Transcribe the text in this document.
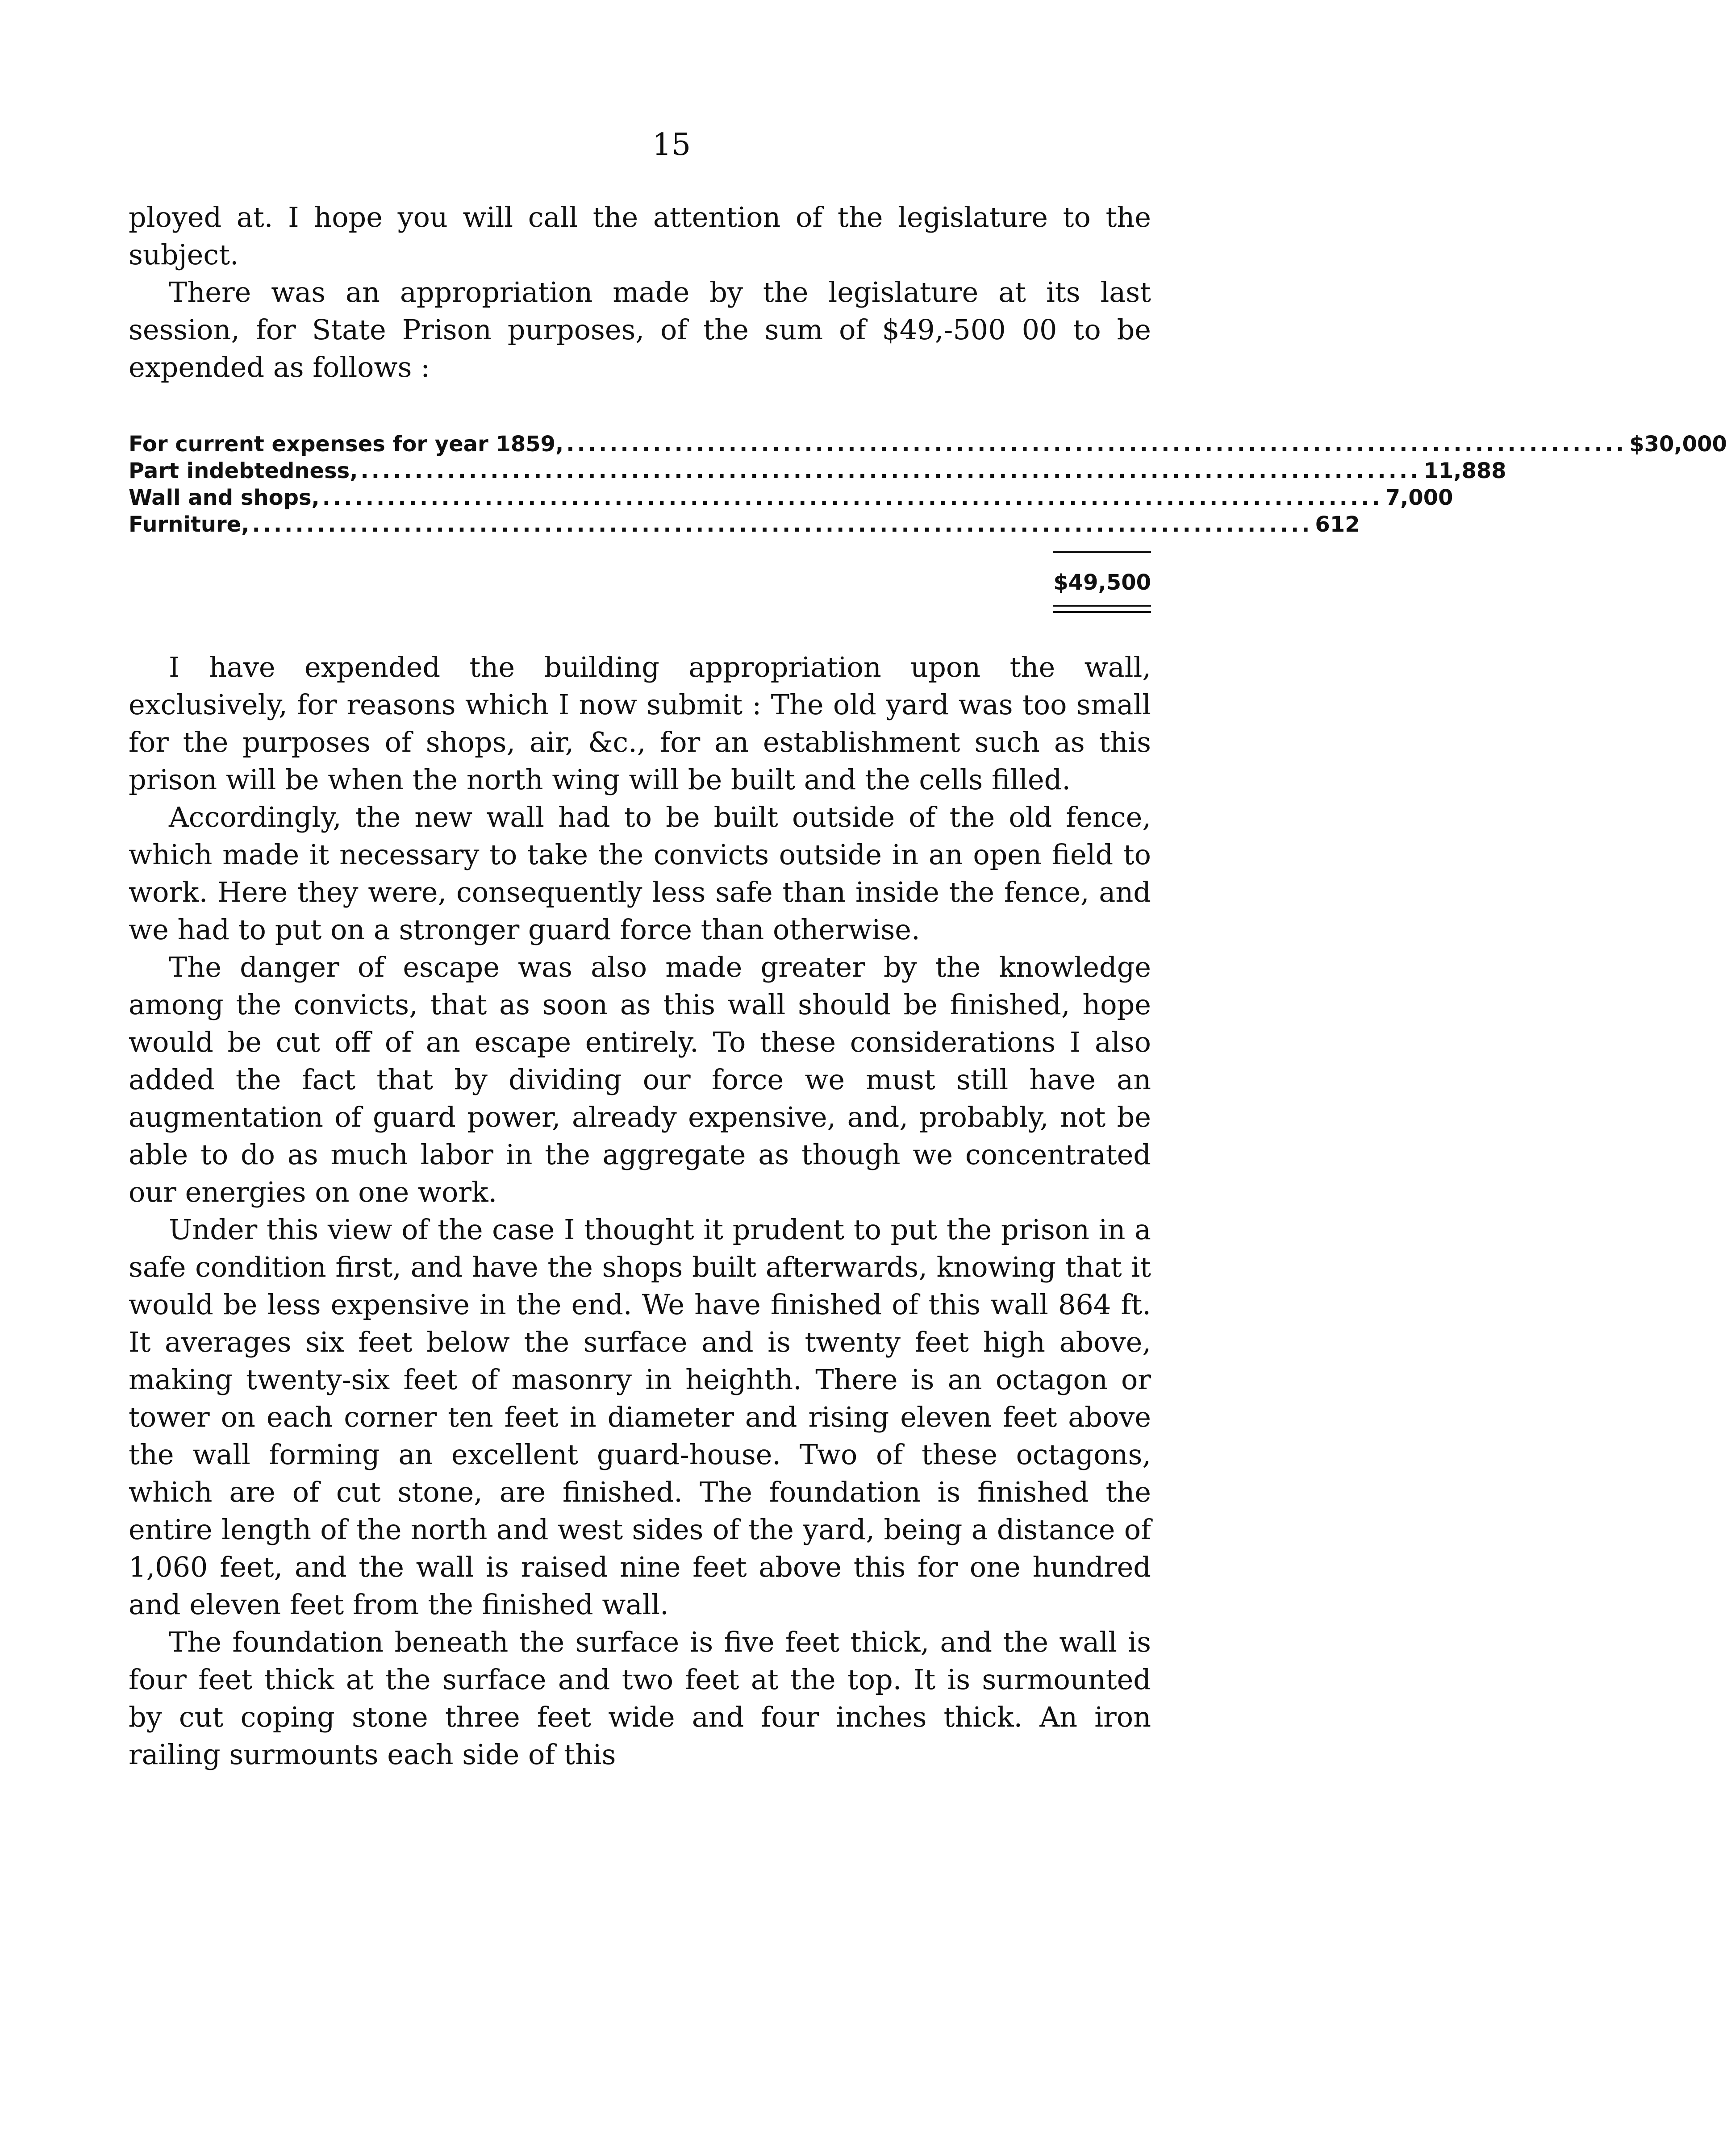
15

ployed at. I hope you will call the attention of the legislature to the subject.

There was an appropriation made by the legislature at its last session, for State Prison purposes, of the sum of $49,-500 00 to be expended as follows :

For current expenses for year 1859, .................................................................................................. $30,000
Part indebtedness, .................................................................................................. 11,888
Wall and shops, .................................................................................................. 7,000
Furniture, .................................................................................................. 612
$49,500

I have expended the building appropriation upon the wall, exclusively, for reasons which I now submit : The old yard was too small for the purposes of shops, air, &c., for an establishment such as this prison will be when the north wing will be built and the cells filled.

Accordingly, the new wall had to be built outside of the old fence, which made it necessary to take the convicts outside in an open field to work. Here they were, consequently less safe than inside the fence, and we had to put on a stronger guard force than otherwise.

The danger of escape was also made greater by the knowledge among the convicts, that as soon as this wall should be finished, hope would be cut off of an escape entirely. To these considerations I also added the fact that by dividing our force we must still have an augmentation of guard power, already expensive, and, probably, not be able to do as much labor in the aggregate as though we concentrated our energies on one work.

Under this view of the case I thought it prudent to put the prison in a safe condition first, and have the shops built afterwards, knowing that it would be less expensive in the end. We have finished of this wall 864 ft. It averages six feet below the surface and is twenty feet high above, making twenty-six feet of masonry in heighth. There is an octagon or tower on each corner ten feet in diameter and rising eleven feet above the wall forming an excellent guard-house. Two of these octagons, which are of cut stone, are finished. The foundation is finished the entire length of the north and west sides of the yard, being a distance of 1,060 feet, and the wall is raised nine feet above this for one hundred and eleven feet from the finished wall.

The foundation beneath the surface is five feet thick, and the wall is four feet thick at the surface and two feet at the top. It is surmounted by cut coping stone three feet wide and four inches thick. An iron railing surmounts each side of this
